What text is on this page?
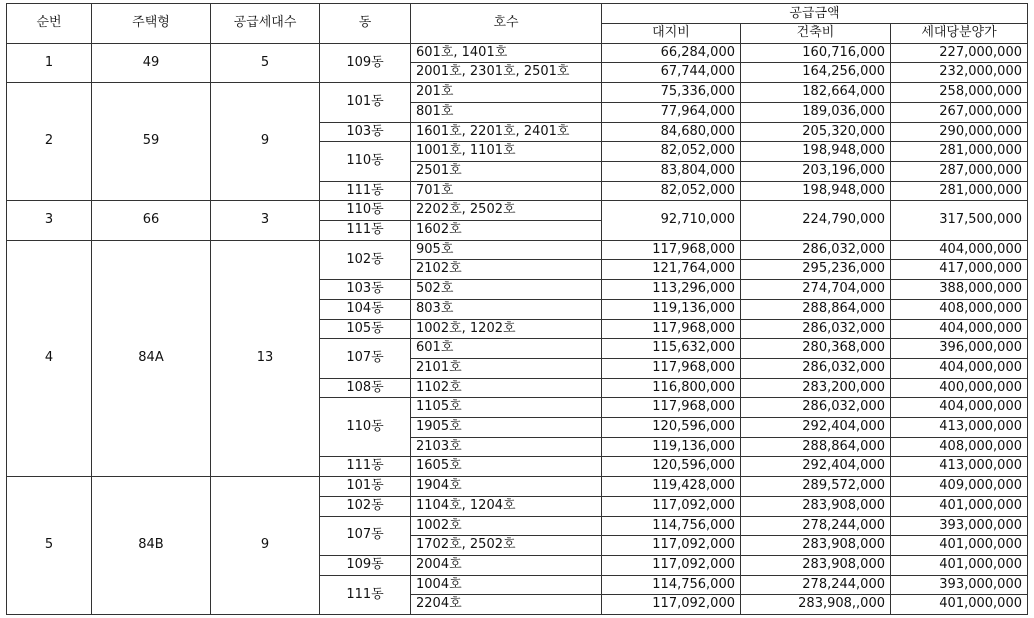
순번	주택형	공급세대수	동	호수	공급금액		
					대지비	건축비	세대당분양가
1	49	5	109동	601호, 1401호	66,284,000	160,716,000	227,000,000
				2001호, 2301호, 2501호	67,744,000	164,256,000	232,000,000
2	59	9	101동	201호	75,336,000	182,664,000	258,000,000
				801호	77,964,000	189,036,000	267,000,000
			103동	1601호, 2201호, 2401호	84,680,000	205,320,000	290,000,000
			110동	1001호, 1101호	82,052,000	198,948,000	281,000,000
				2501호	83,804,000	203,196,000	287,000,000
			111동	701호	82,052,000	198,948,000	281,000,000
3	66	3	110동	2202호, 2502호	92,710,000	224,790,000	317,500,000
			111동	1602호			
4	84A	13	102동	905호	117,968,000	286,032,000	404,000,000
				2102호	121,764,000	295,236,000	417,000,000
			103동	502호	113,296,000	274,704,000	388,000,000
			104동	803호	119,136,000	288,864,000	408,000,000
			105동	1002호, 1202호	117,968,000	286,032,000	404,000,000
			107동	601호	115,632,000	280,368,000	396,000,000
				2101호	117,968,000	286,032,000	404,000,000
			108동	1102호	116,800,000	283,200,000	400,000,000
			110동	1105호	117,968,000	286,032,000	404,000,000
				1905호	120,596,000	292,404,000	413,000,000
				2103호	119,136,000	288,864,000	408,000,000
			111동	1605호	120,596,000	292,404,000	413,000,000
5	84B	9	101동	1904호	119,428,000	289,572,000	409,000,000
			102동	1104호, 1204호	117,092,000	283,908,000	401,000,000
			107동	1002호	114,756,000	278,244,000	393,000,000
				1702호, 2502호	117,092,000	283,908,000	401,000,000
			109동	2004호	117,092,000	283,908,000	401,000,000
			111동	1004호	114,756,000	278,244,000	393,000,000
				2204호	117,092,000	283,908,,000	401,000,000
